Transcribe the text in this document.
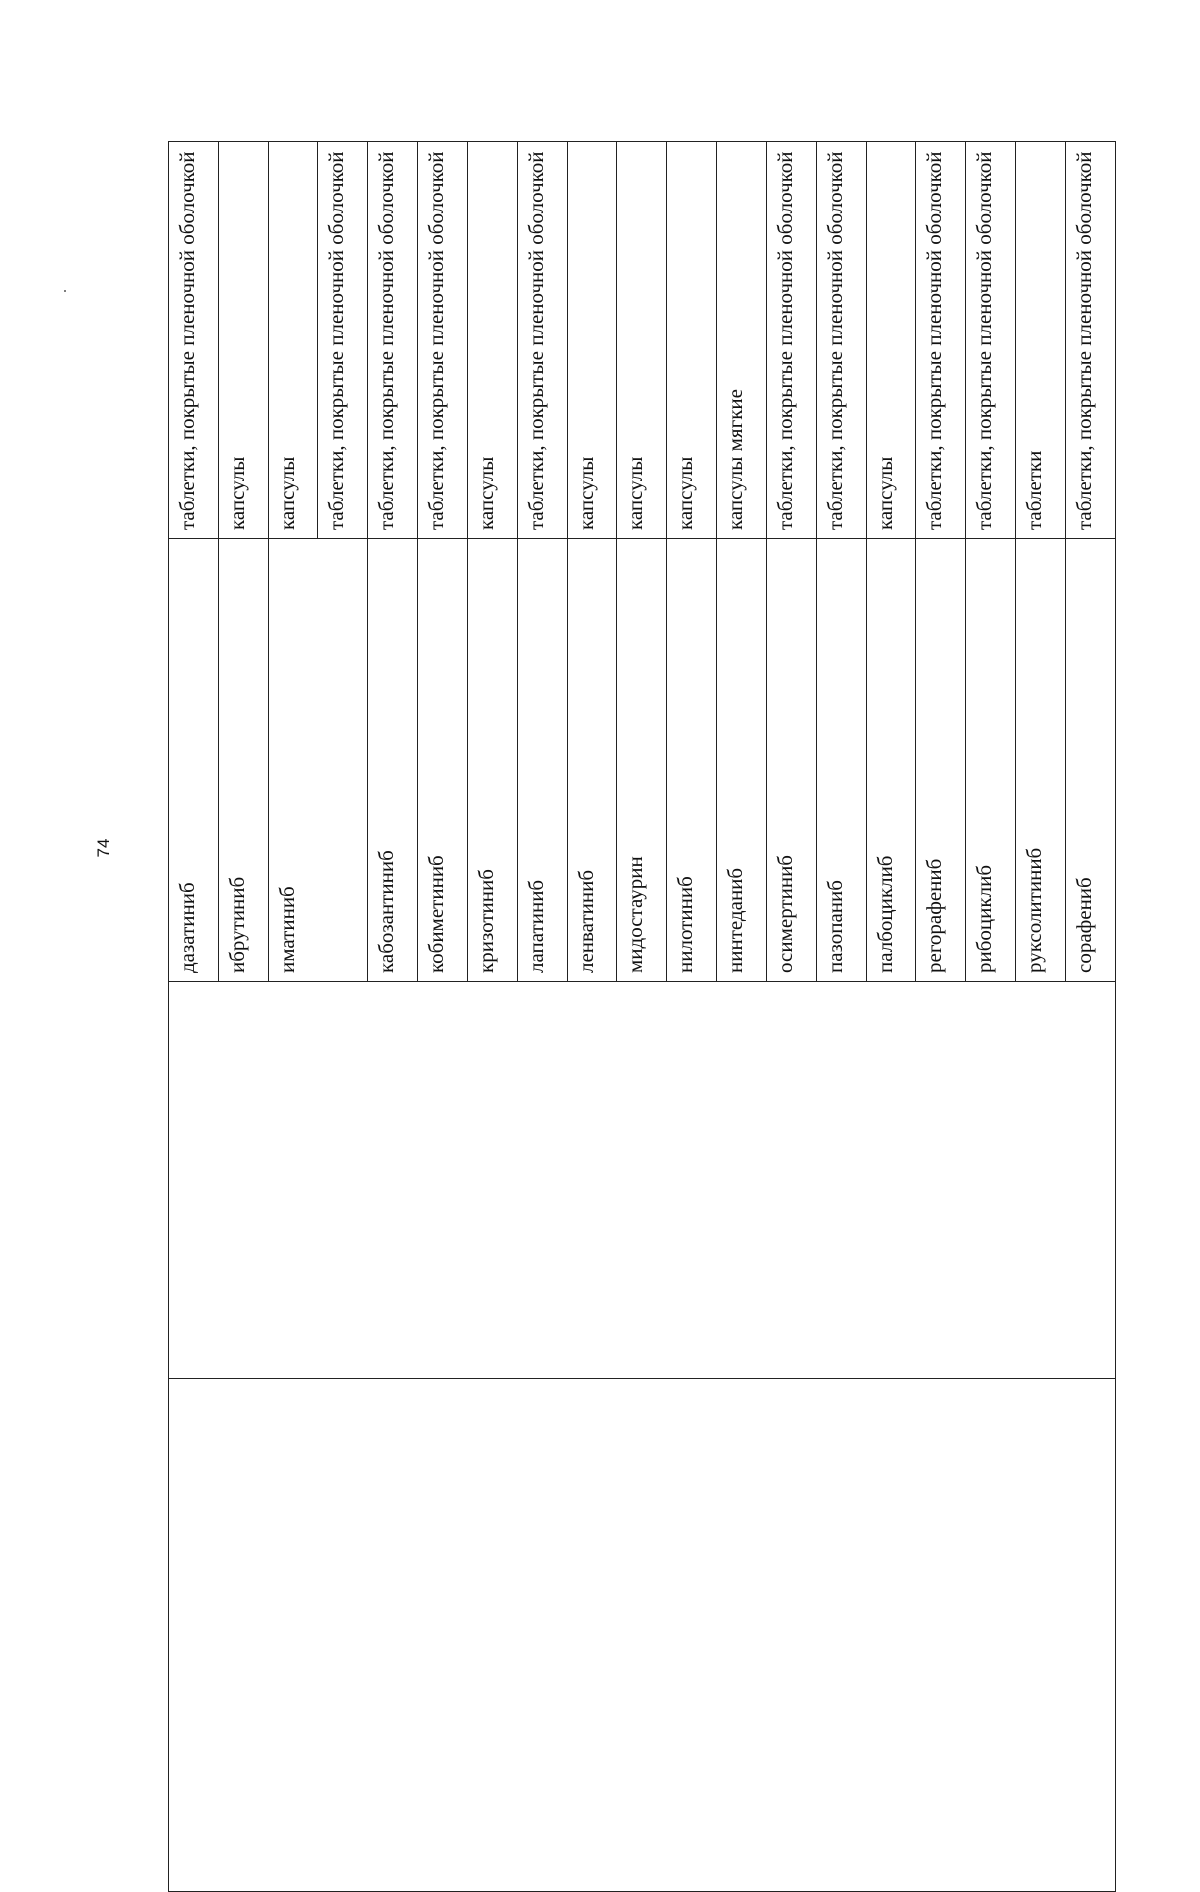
74
		дазатиниб	таблетки, покрытые пленочной оболочкой
		ибрутиниб	капсулы
		иматиниб	капсулы
			таблетки, покрытые пленочной оболочкой
		кабозантиниб	таблетки, покрытые пленочной оболочкой
		кобиметиниб	таблетки, покрытые пленочной оболочкой
		кризотиниб	капсулы
		лапатиниб	таблетки, покрытые пленочной оболочкой
		ленватиниб	капсулы
		мидостаурин	капсулы
		нилотиниб	капсулы
		нинтеданиб	капсулы мягкие
		осимертиниб	таблетки, покрытые пленочной оболочкой
		пазопаниб	таблетки, покрытые пленочной оболочкой
		палбоциклиб	капсулы
		регорафениб	таблетки, покрытые пленочной оболочкой
		рибоциклиб	таблетки, покрытые пленочной оболочкой
		руксолитиниб	таблетки
		сорафениб	таблетки, покрытые пленочной оболочкой
